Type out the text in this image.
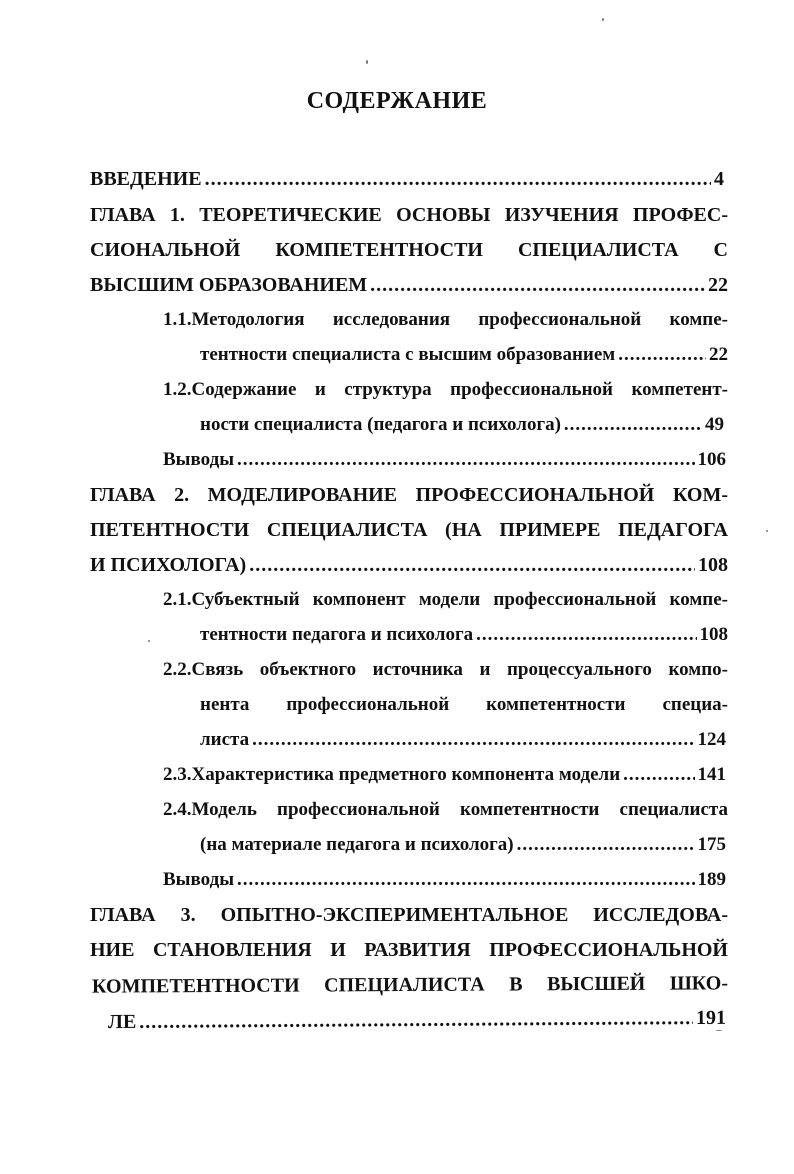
СОДЕРЖАНИЕ
ВВЕДЕНИЕ .....	4
ГЛАВА 1. ТЕОРЕТИЧЕСКИЕ ОСНОВЫ ИЗУЧЕНИЯ ПРОФЕС-
СИОНАЛЬНОЙ КОМПЕТЕНТНОСТИ СПЕЦИАЛИСТА С
ВЫСШИМ ОБРАЗОВАНИЕМ .....	22
1.1.Методология исследования профессиональной компе-
тентности специалиста с высшим образованием .....	22
1.2.Содержание и структура профессиональной компетент-
ности специалиста (педагога и психолога) .....	49
Выводы .....	106
ГЛАВА 2. МОДЕЛИРОВАНИЕ ПРОФЕССИОНАЛЬНОЙ КОМ-
ПЕТЕНТНОСТИ СПЕЦИАЛИСТА (НА ПРИМЕРЕ ПЕДАГОГА
И ПСИХОЛОГА) .....	108
2.1.Субъектный компонент модели профессиональной компе-
тентности педагога и психолога .....	108
2.2.Связь объектного источника и процессуального компо-
нента профессиональной компетентности специа-
листа .....	124
2.3.Характеристика предметного компонента модели .....	141
2.4.Модель профессиональной компетентности специалиста
(на материале педагога и психолога) .....	175
Выводы .....	189
ГЛАВА 3. ОПЫТНО-ЭКСПЕРИМЕНТАЛЬНОЕ ИССЛЕДОВА-
НИЕ СТАНОВЛЕНИЯ И РАЗВИТИЯ ПРОФЕССИОНАЛЬНОЙ
КОМПЕТЕНТНОСТИ СПЕЦИАЛИСТА В ВЫСШЕЙ ШКО-
ЛЕ .....	191
